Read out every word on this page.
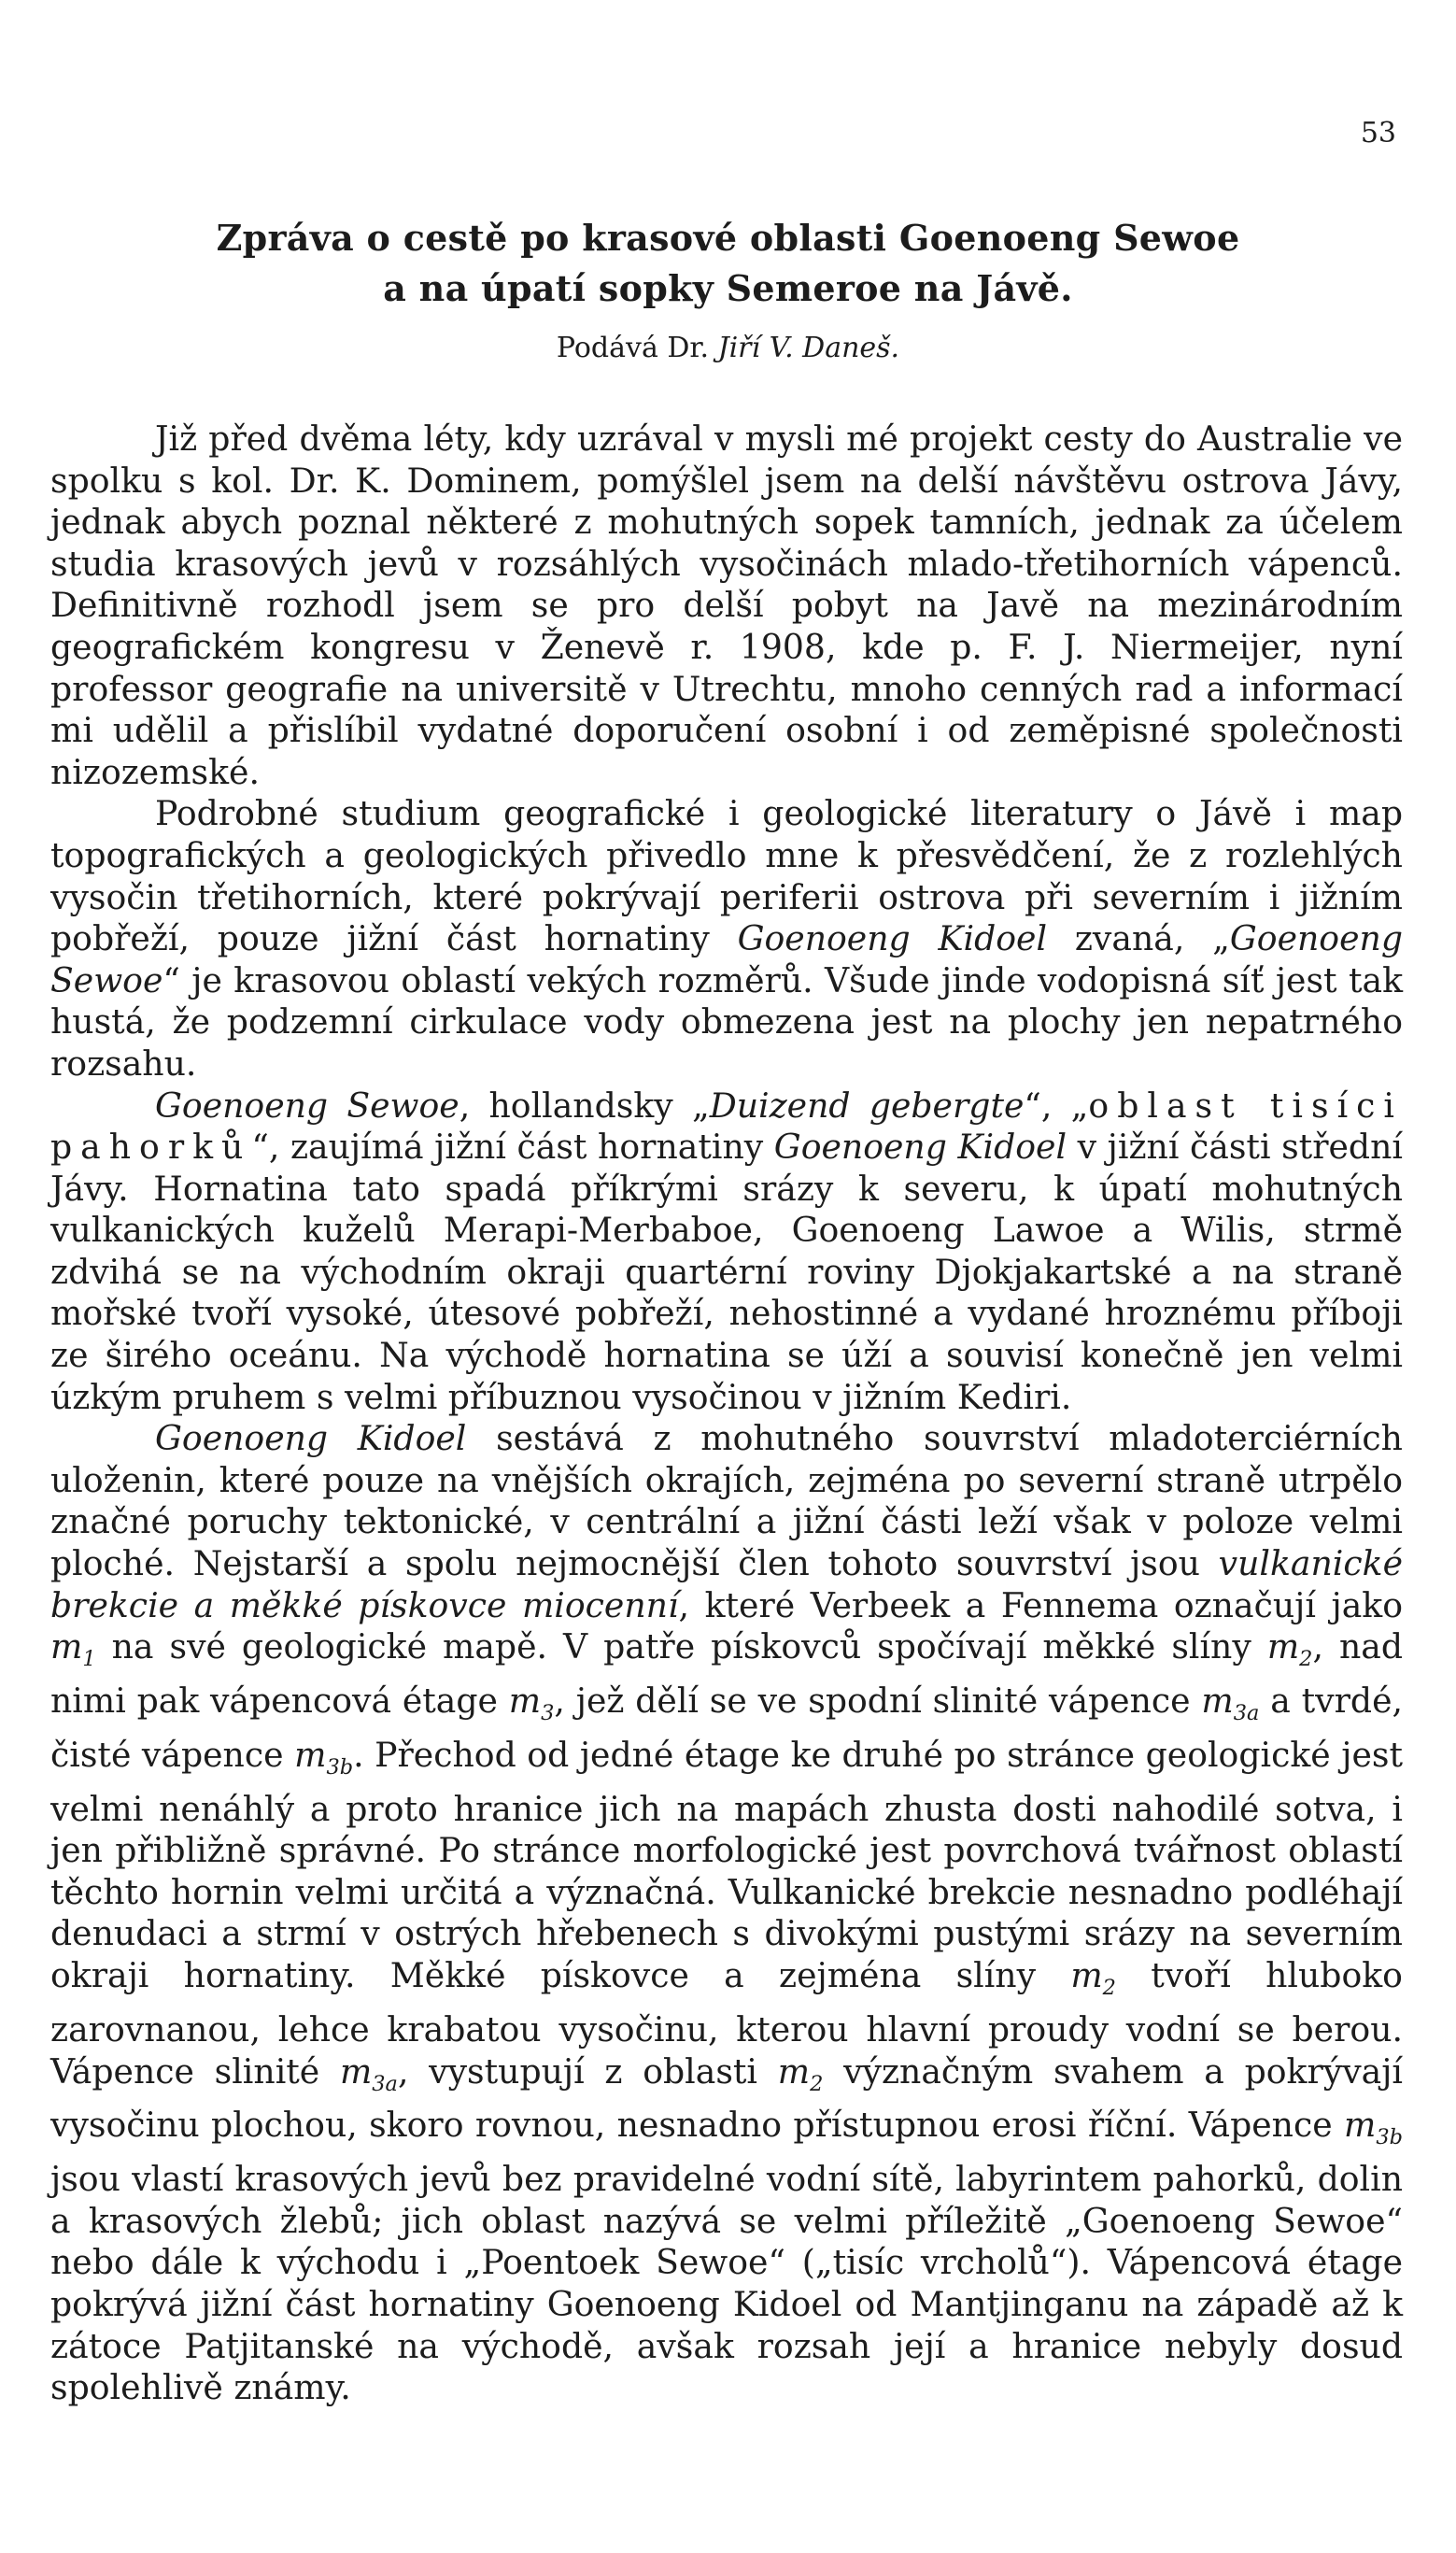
53
Zpráva o cestě po krasové oblasti Goenoeng Sewoe
a na úpatí sopky Semeroe na Jávě.
Podává Dr. Jiří V. Daneš.

Již před dvěma léty, kdy uzrával v mysli mé projekt cesty do Australie ve spolku s kol. Dr. K. Dominem, pomýšlel jsem na delší návštěvu ostrova Jávy, jednak abych poznal některé z mohutných sopek tamních, jednak za účelem studia krasových jevů v rozsáhlých vysočinách mlado-třetihorních vápenců. Definitivně rozhodl jsem se pro delší pobyt na Javě na mezinárodním geografickém kongresu v Ženevě r. 1908, kde p. F. J. Niermeijer, nyní professor geografie na universitě v Utrechtu, mnoho cenných rad a informací mi udělil a přislíbil vydatné doporučení osobní i od zeměpisné společnosti nizozemské.

Podrobné studium geografické i geologické literatury o Jávě i map topografických a geologických přivedlo mne k přesvědčení, že z rozlehlých vysočin třetihorních, které pokrývají periferii ostrova při severním i jižním pobřeží, pouze jižní část hornatiny Goenoeng Kidoel zvaná, „Goenoeng Sewoe“ je krasovou oblastí vekých rozměrů. Všude jinde vodopisná síť jest tak hustá, že podzemní cirkulace vody obmezena jest na plochy jen nepatrného rozsahu.

Goenoeng Sewoe, hollandsky „Duizend gebergte“, „oblast tisíci pahorků“, zaujímá jižní část hornatiny Goenoeng Kidoel v jižní části střední Jávy. Hornatina tato spadá příkrými srázy k severu, k úpatí mohutných vulkanických kuželů Merapi-Merbaboe, Goenoeng Lawoe a Wilis, strmě zdvihá se na východním okraji quartérní roviny Djokjakartské a na straně mořské tvoří vysoké, útesové pobřeží, nehostinné a vydané hroznému příboji ze širého oceánu. Na východě hornatina se úží a souvisí konečně jen velmi úzkým pruhem s velmi příbuznou vysočinou v jižním Kediri.

Goenoeng Kidoel sestává z mohutného souvrství mladoterciérních uloženin, které pouze na vnějších okrajích, zejména po severní straně utrpělo značné poruchy tektonické, v centrální a jižní části leží však v poloze velmi ploché. Nejstarší a spolu nejmocnější člen tohoto souvrství jsou vulkanické brekcie a měkké pískovce miocenní, které Verbeek a Fennema označují jako $m_1$ na své geologické mapě. V patře pískovců spočívají měkké slíny $m_2$, nad nimi pak vápencová étage $m_3$, jež dělí se ve spodní slinité vápence $m_{3a}$ a tvrdé, čisté vápence $m_{3b}$. Přechod od jedné étage ke druhé po stránce geologické jest velmi nenáhlý a proto hranice jich na mapách zhusta dosti nahodilé sotva, i jen přibližně správné. Po stránce morfologické jest povrchová tvářnost oblastí těchto hornin velmi určitá a význačná. Vulkanické brekcie nesnadno podléhají denudaci a strmí v ostrých hřebenech s divokými pustými srázy na severním okraji hornatiny. Měkké pískovce a zejména slíny $m_2$ tvoří hluboko zarovnanou, lehce krabatou vysočinu, kterou hlavní proudy vodní se berou. Vápence slinité $m_{3a}$, vystupují z oblasti $m_2$ význačným svahem a pokrývají vysočinu plochou, skoro rovnou, nesnadno přístupnou erosi říční. Vápence $m_{3b}$ jsou vlastí krasových jevů bez pravidelné vodní sítě, labyrintem pahorků, dolin a krasových žlebů; jich oblast nazývá se velmi příležitě „Goenoeng Sewoe“ nebo dále k východu i „Poentoek Sewoe“ („tisíc vrcholů“). Vápencová étage pokrývá jižní část hornatiny Goenoeng Kidoel od Mantjinganu na západě až k zátoce Patjitanské na východě, avšak rozsah její a hranice nebyly dosud spolehlivě známy.
